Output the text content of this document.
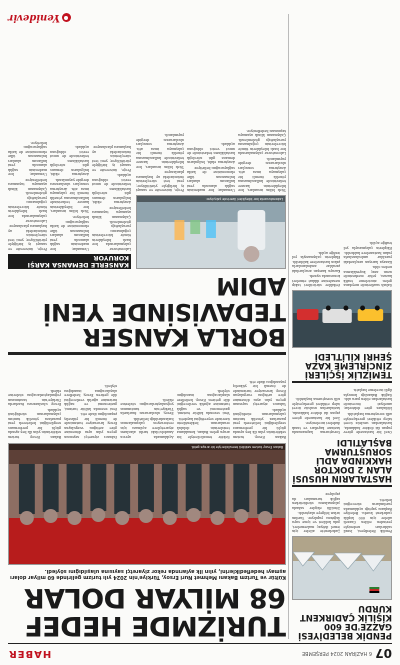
07
6 HAZİRAN 2024 PERŞEMBE
HABER
PENDİK BELEDİYESİ GAZZE'DE 600 KİŞİLİK ÇADIRKENT KURDU

Pendik Belediyesi, İsrail saldırıları nedeniyle yerinden edilen Gazzeli aileler için 600 kişilik çadırkent kurdu. Belediye Başkanı yaptığı açıklamada yardımların süreceğini belirtti.

Çadırkentte aileler için temel ihtiyaç malzemeleri, gıda kolileri ve içme suyu dağıtımı yapılıyor. Yardım tırları bölgeye ulaştırıldı.

Gönüllü ekipler sahada çalışmalarını sürdürürken sağlık taramaları da yapılıyor.

HASTALARIN HUSUSİ ALAN 2 DOKTOR HAKKINDA ADLİ SORUŞTURMA BAŞLATILDI

Özel bir hastanede görev yapan iki doktor hakkında, hastalardan usulsüz ücret talep ettikleri gerekçesiyle adli soruşturma başlatıldı.

İddialara göre doktorlar, ameliyat öncesinde hastalardan elden para aldı. Sağlık Bakanlığı konuyla ilgili inceleme başlattı.

Soruşturma kapsamında hastane kayıtları ve tanık ifadeleri inceleniyor.

Özel bir hastanede görev yapan iki doktor hakkında, hastalardan usulsüz ücret talep ettikleri gerekçesiyle adli soruşturma başlatıldı.

TEMİZLİK İŞÇİLERİ ZİNCİRLEME KAZA ŞEHRİ KİLİTLEDİ

Sabah saatlerinde meydana gelen zincirleme trafik kazası, şehir merkezinde uzun araç kuyruklarına neden oldu.

Kazaya karışan araçlardaki yaralılar ambulanslarla yakın hastanelere kaldırıldı. Ekiplerin çalışmasıyla yol trafiğe açıldı.

Yetkililer sürücüleri takip mesafesine dikkat etmeleri konusunda uyardı.

Kazaya karışan araçlardaki yaralılar ambulanslarla yakın hastanelere kaldırıldı. Ekiplerin çalışmasıyla yol trafiğe açıldı.

TURİZMDE HEDEF 68 MİLYAR DOLAR
Kültür ve Turizm Bakanı Mehmet Nuri Ersoy, Türkiye'nin 2024 yılı turizm gelirinde 60 milyar doları aşmayı hedeflediklerini, yılın ilk aylarında rekor ziyaretçi sayısına ulaşıldığını söyledi.
Bakan Ersoy turizm sektörü temsilcileriyle bir araya geldi.

Bakan Ersoy, turizm sektörünün yılın ilk beş ayında güçlü bir performans sergilediğini belirterek yeni pazarlara yönelik tanıtım çalışmalarının sürdüğünü açıkladı.

Yabancı ziyaretçi sayısının geçen yılın aynı dönemine göre arttığını vurgulayan Ersoy, kruvaziyer turizminde de önemli bir yükseliş yaşandığını ifade etti.

Sektör temsilcileriyle bir araya gelen Bakan, konaklama tesislerinin doluluk oranlarının beklentilerin üzerinde seyrettiğini kaydetti.

Yeni sezonda kültür turizmi, gastronomi ve sağlık turizmine ağırlık verileceğini dile getiren Ersoy, hedeflere ulaşılacağına inandığını söyledi.

Açıklamada ayrıca Anadolu'daki tarihi alanların ziyaretçilere açılması için restorasyon çalışmalarının hızlandırıldığı belirtildi.

Ersoy, uluslararası fuarlarda Türkiye'nin tanıtımının yoğunlaştırılacağını sözlerine ekledi.

Yabancı ziyaretçi sayısının geçen yılın aynı dönemine göre arttığını vurgulayan Ersoy, kruvaziyer turizminde de önemli bir yükseliş yaşandığını ifade etti.

Yeni sezonda kültür turizmi, gastronomi ve sağlık turizmine ağırlık verileceğini dile getiren Ersoy, hedeflere ulaşılacağına inandığını söyledi.

Bakan Ersoy, turizm sektörünün yılın ilk beş ayında güçlü bir performans sergilediğini belirterek yeni pazarlara yönelik tanıtım çalışmalarının sürdüğünü açıkladı.

Ersoy, uluslararası fuarlarda Türkiye'nin tanıtımının yoğunlaştırılacağını sözlerine ekledi.

BORLA KANSER TEDAVİSİNDE YENİ ADIM
Laboratuvarda bor bileşikleri üzerinde çalışılıyor.

Türk bilim insanları, bor bileşiklerinin kanser tedavisinde kullanılmasına yönelik önemli bir çalışmaya imza attı. Araştırma sonuçları uluslararası dergide yayımlandı.

Laboratuvar çalışmalarında bor bazlı bileşiklerin tümör hücrelerinin çoğalmasını yavaşlattığı gözlemlendi. Çalışmanın klinik aşamaya taşınması hedefleniyor.

Uzmanlar, bor madeninin sağlık alanında yeni kullanım alanları bulmasının ülke ekonomisine de katkı sağlayacağını belirtiyor.

Araştırma ekibi, bulguların demans gibi nörolojik hastalıkların tedavisinde de umut verici olduğunu açıkladı.

Proje, üniversite ve sanayi iş birliğiyle yürütülüyor; yeni test süreçlerinin önümüzdeki ay başlaması planlanıyor.

Türk bilim insanları, bor bileşiklerinin kanser tedavisinde kullanılmasına yönelik önemli bir çalışmaya imza attı. Araştırma sonuçları uluslararası dergide yayımlandı.

KANSERLE DEMANSA KARŞI KORUYOR

Laboratuvar çalışmalarında bor bazlı bileşiklerin tümör hücrelerinin çoğalmasını yavaşlattığı gözlemlendi. Çalışmanın klinik aşamaya taşınması hedefleniyor.

Araştırma ekibi, bulguların demans gibi nörolojik hastalıkların tedavisinde de umut verici olduğunu açıkladı.

Proje, üniversite ve sanayi iş birliğiyle yürütülüyor; yeni test süreçlerinin önümüzdeki ay başlaması planlanıyor.

Uzmanlar, bor madeninin sağlık alanında yeni kullanım alanları bulmasının ülke ekonomisine de katkı sağlayacağını belirtiyor.

Türk bilim insanları, bor bileşiklerinin kanser tedavisinde kullanılmasına yönelik önemli bir çalışmaya imza attı. Araştırma sonuçları uluslararası dergide yayımlandı.

Araştırma ekibi, bulguların demans gibi nörolojik hastalıkların tedavisinde de umut verici olduğunu açıkladı.

Proje, üniversite ve sanayi iş birliğiyle yürütülüyor; yeni test süreçlerinin önümüzdeki ay başlaması planlanıyor.

Laboratuvar çalışmalarında bor bazlı bileşiklerin tümör hücrelerinin çoğalmasını yavaşlattığı gözlemlendi. Çalışmanın klinik aşamaya taşınması hedefleniyor.

Uzmanlar, bor madeninin sağlık alanında yeni kullanım alanları bulmasının ülke ekonomisine de katkı sağlayacağını belirtiyor.

Yenidevir
